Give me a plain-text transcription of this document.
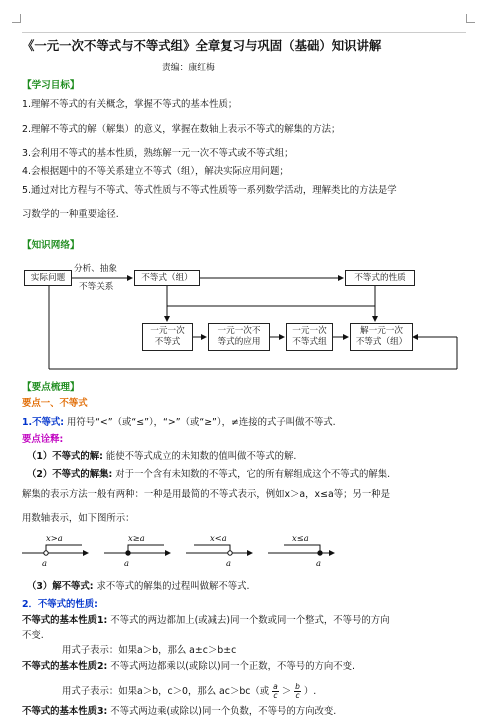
《一元一次不等式与不等式组》全章复习与巩固（基础）知识讲解
责编：康红梅
【学习目标】
1.理解不等式的有关概念，掌握不等式的基本性质；
2.理解不等式的解（解集）的意义，掌握在数轴上表示不等式的解集的方法；
3.会利用不等式的基本性质，熟练解一元一次不等式或不等式组；
4.会根据题中的不等关系建立不等式（组），解决实际应用问题；
5.通过对比方程与不等式、等式性质与不等式性质等一系列数学活动，理解类比的方法是学
习数学的一种重要途径.
【知识网络】
实际问题
分析、抽象
不等关系
不等式（组）	不等式的性质
一元一次
不等式
一元一次不
等式的应用
一元一次
不等式组
解一元一次
不等式（组）
【要点梳理】
要点一、不等式
1.不等式: 用符号“<”（或“≤”），“>”（或“≥”），≠连接的式子叫做不等式.
要点诠释:
（1）不等式的解: 能使不等式成立的未知数的值叫做不等式的解.
（2）不等式的解集: 对于一个含有未知数的不等式，它的所有解组成这个不等式的解集.
解集的表示方法一般有两种：一种是用最简的不等式表示，例如x＞a，x≤a等；另一种是
用数轴表示，如下图所示：
x>a
a
x≥a
a
x<a
a
x≤a
a
（3）解不等式: 求不等式的解集的过程叫做解不等式.
2．不等式的性质:
不等式的基本性质1: 不等式的两边都加上(或减去)同一个数或同一个整式，不等号的方向
不变.
用式子表示：如果a＞b，那么 a±c＞b±c
不等式的基本性质2: 不等式两边都乘以(或除以)同一个正数，不等号的方向不变.
用式子表示：如果a＞b，c＞0，那么 ac＞bc（或 $\frac{a}{c} > \frac{b}{c}$ ）.
不等式的基本性质3: 不等式两边乘(或除以)同一个负数，不等号的方向改变.
